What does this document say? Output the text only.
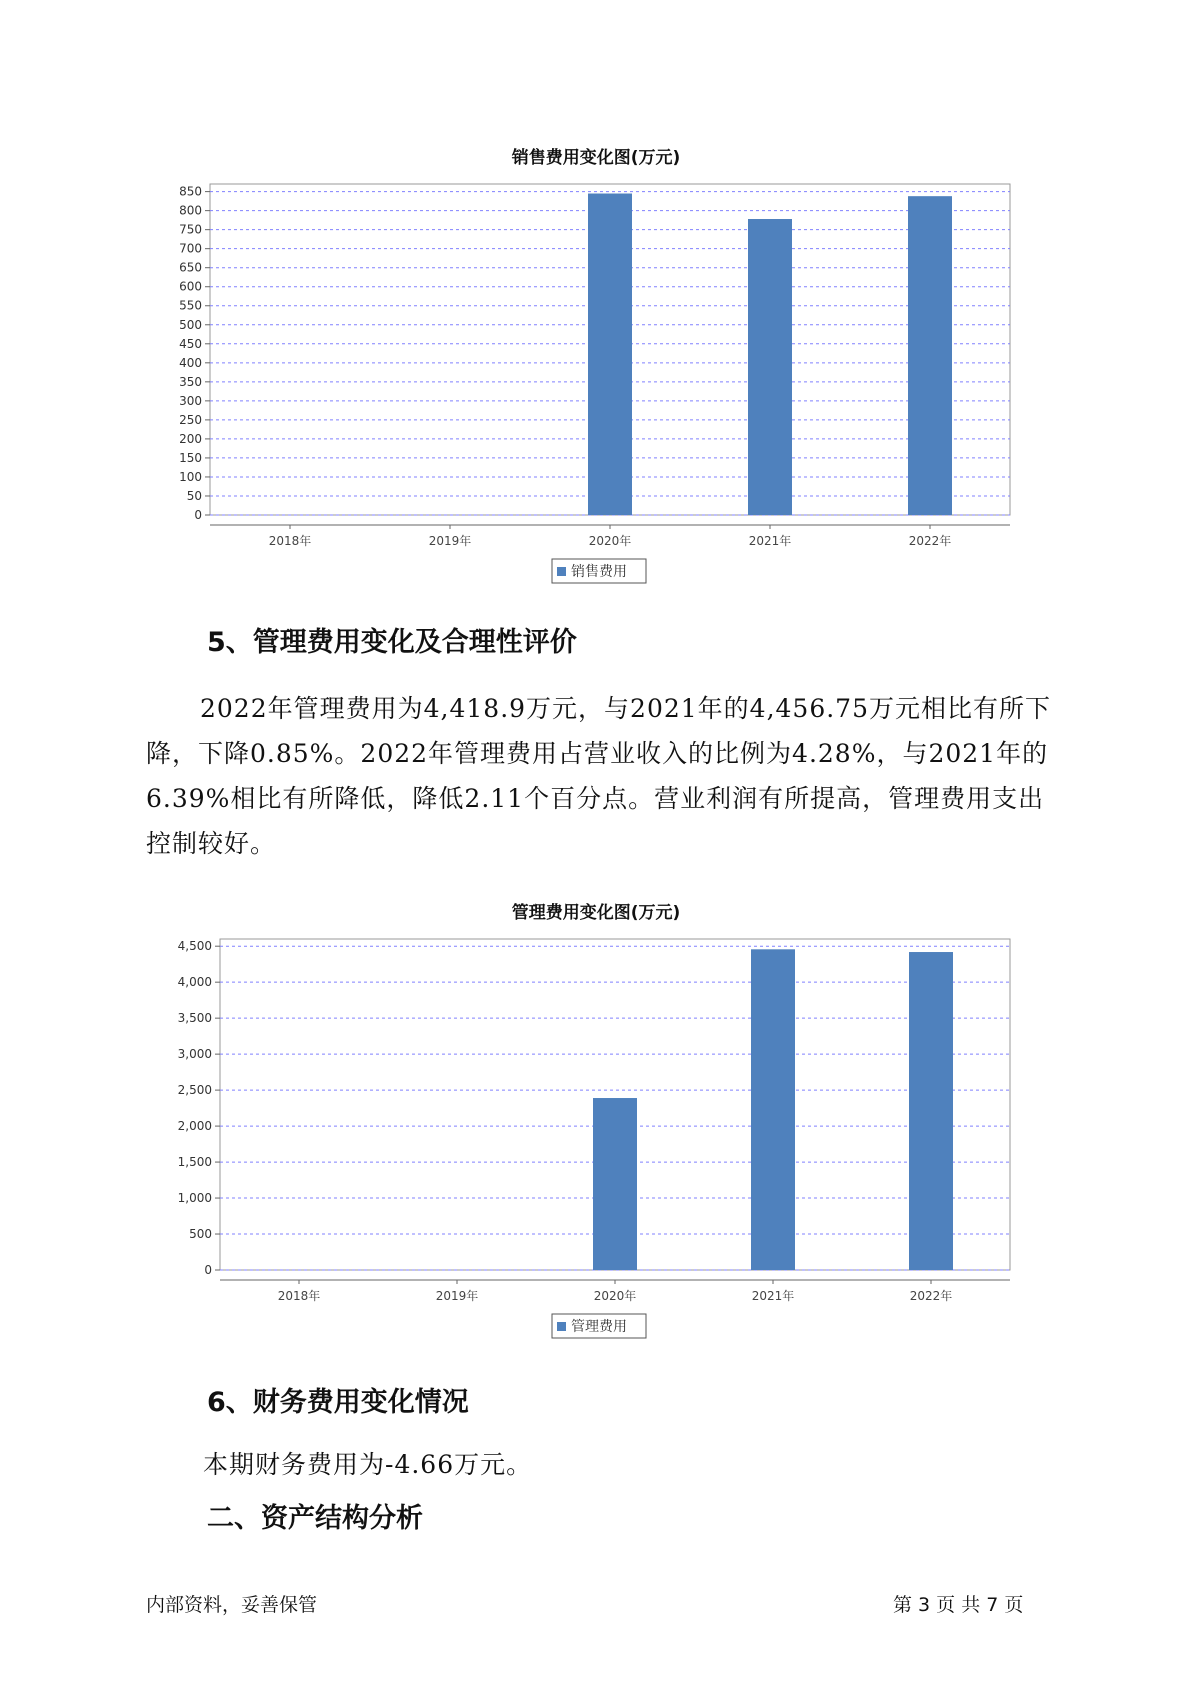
销售费用变化图(万元)
0
50
100
150
200
250
300
350
400
450
500
550
600
650
700
750
800
850
2018年	2019年	2020年	2021年	2022年
销售费用
5、管理费用变化及合理性评价

2022年管理费用为4,418.9万元，与2021年的4,456.75万元相比有所下降，下降0.85%。2022年管理费用占营业收入的比例为4.28%，与2021年的6.39%相比有所降低，降低2.11个百分点。营业利润有所提高，管理费用支出控制较好。

管理费用变化图(万元)
0
500
1,000
1,500
2,000
2,500
3,000
3,500
4,000
4,500
2018年	2019年	2020年	2021年	2022年
管理费用
6、财务费用变化情况

本期财务费用为-4.66万元。

二、资产结构分析
内部资料，妥善保管	第 3 页 共 7 页
